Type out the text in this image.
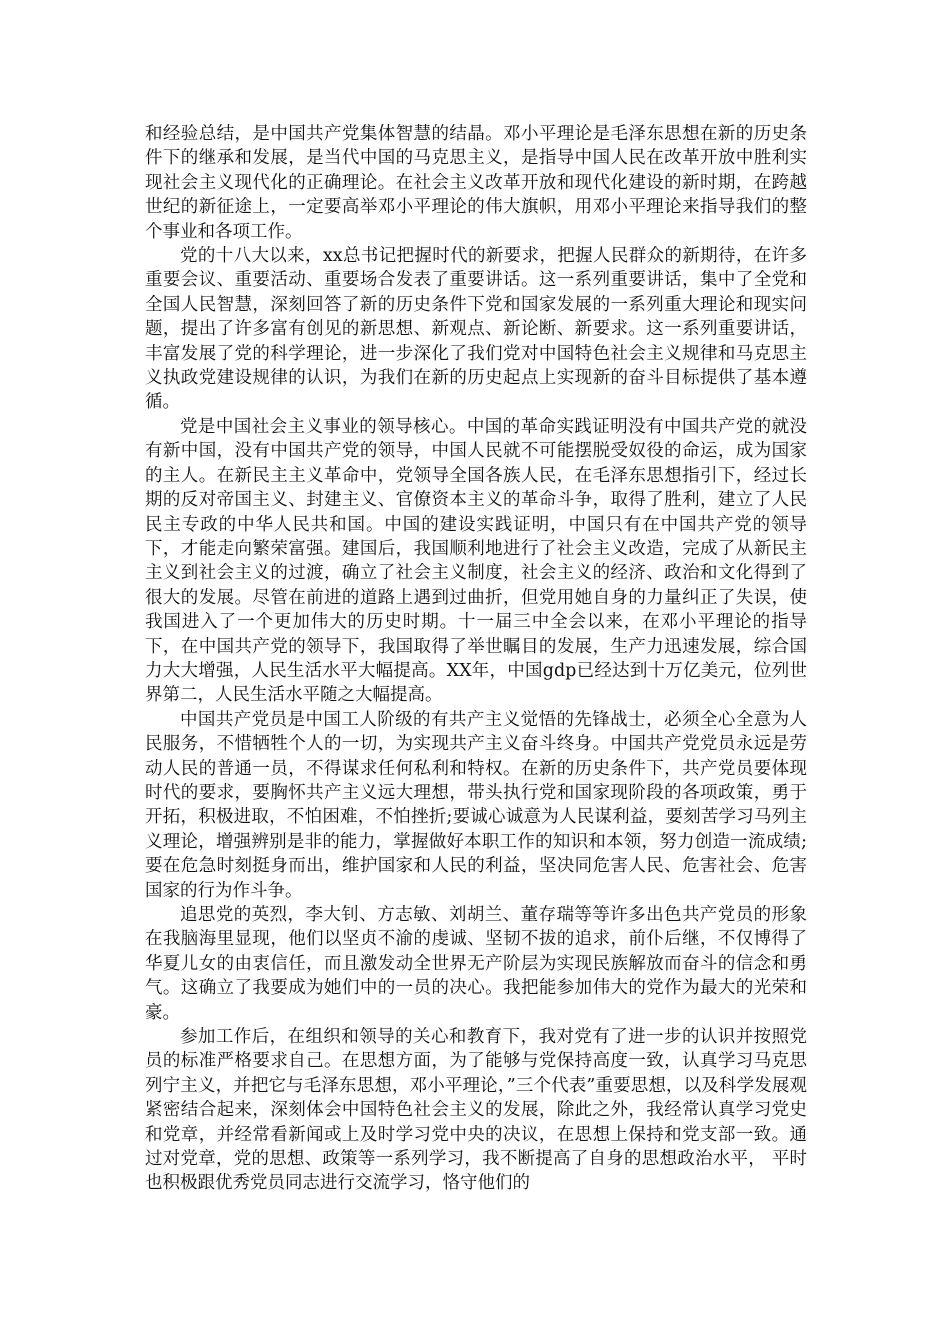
和经验总结，是中国共产党集体智慧的结晶。邓小平理论是毛泽东思想在新的历史条件下的继承和发展，是当代中国的马克思主义，是指导中国人民在改革开放中胜利实现社会主义现代化的正确理论。在社会主义改革开放和现代化建设的新时期，在跨越世纪的新征途上，一定要高举邓小平理论的伟大旗帜，用邓小平理论来指导我们的整个事业和各项工作。

党的十八大以来，xx总书记把握时代的新要求，把握人民群众的新期待，在许多重要会议、重要活动、重要场合发表了重要讲话。这一系列重要讲话，集中了全党和全国人民智慧，深刻回答了新的历史条件下党和国家发展的一系列重大理论和现实问题，提出了许多富有创见的新思想、新观点、新论断、新要求。这一系列重要讲话，丰富发展了党的科学理论，进一步深化了我们党对中国特色社会主义规律和马克思主义执政党建设规律的认识，为我们在新的历史起点上实现新的奋斗目标提供了基本遵循。

党是中国社会主义事业的领导核心。中国的革命实践证明没有中国共产党的就没有新中国，没有中国共产党的领导，中国人民就不可能摆脱受奴役的命运，成为国家的主人。在新民主主义革命中，党领导全国各族人民，在毛泽东思想指引下，经过长期的反对帝国主义、封建主义、官僚资本主义的革命斗争，取得了胜利，建立了人民民主专政的中华人民共和国。中国的建设实践证明，中国只有在中国共产党的领导下，才能走向繁荣富强。建国后，我国顺利地进行了社会主义改造，完成了从新民主主义到社会主义的过渡，确立了社会主义制度，社会主义的经济、政治和文化得到了很大的发展。尽管在前进的道路上遇到过曲折，但党用她自身的力量纠正了失误，使我国进入了一个更加伟大的历史时期。十一届三中全会以来，在邓小平理论的指导下，在中国共产党的领导下，我国取得了举世瞩目的发展，生产力迅速发展，综合国力大大增强，人民生活水平大幅提高。XX年，中国gdp已经达到十万亿美元，位列世界第二，人民生活水平随之大幅提高。

中国共产党员是中国工人阶级的有共产主义觉悟的先锋战士，必须全心全意为人民服务，不惜牺牲个人的一切，为实现共产主义奋斗终身。中国共产党党员永远是劳动人民的普通一员，不得谋求任何私利和特权。在新的历史条件下，共产党员要体现时代的要求，要胸怀共产主义远大理想，带头执行党和国家现阶段的各项政策，勇于开拓，积极进取，不怕困难，不怕挫折;要诚心诚意为人民谋利益，要刻苦学习马列主义理论，增强辨别是非的能力，掌握做好本职工作的知识和本领，努力创造一流成绩;要在危急时刻挺身而出，维护国家和人民的利益，坚决同危害人民、危害社会、危害国家的行为作斗争。

追思党的英烈，李大钊、方志敏、刘胡兰、董存瑞等等许多出色共产党员的形象在我脑海里显现，他们以坚贞不渝的虔诚、坚韧不拔的追求，前仆后继，不仅博得了华夏儿女的由衷信任，而且激发动全世界无产阶层为实现民族解放而奋斗的信念和勇气。这确立了我要成为她们中的一员的决心。我把能参加伟大的党作为最大的光荣和豪。

参加工作后，在组织和领导的关心和教育下，我对党有了进一步的认识并按照党员的标准严格要求自己。在思想方面，为了能够与党保持高度一致，认真学习马克思列宁主义，并把它与毛泽东思想，邓小平理论，”三个代表”重要思想，以及科学发展观紧密结合起来，深刻体会中国特色社会主义的发展，除此之外，我经常认真学习党史和党章，并经常看新闻或上及时学习党中央的决议，在思想上保持和党支部一致。通过对党章，党的思想、政策等一系列学习，我不断提高了自身的思想政治水平， 平时也积极跟优秀党员同志进行交流学习，恪守他们的
